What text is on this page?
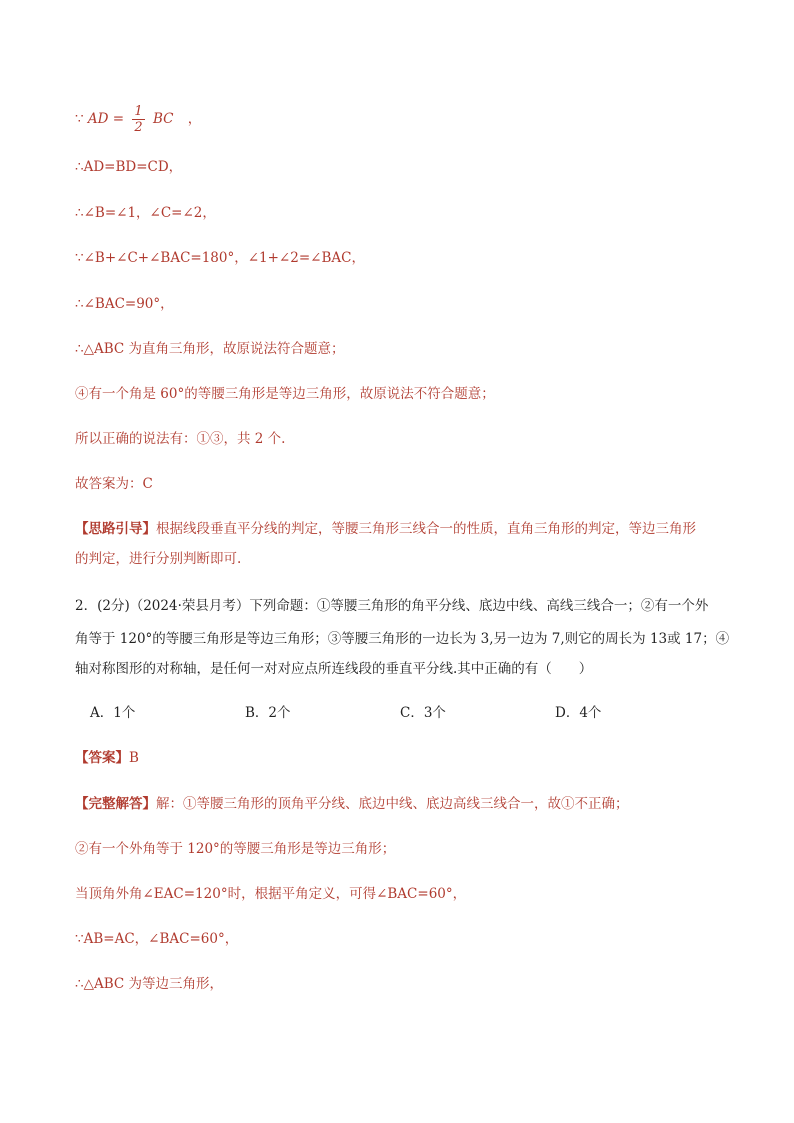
∵ AD = $\frac{1}{2}$ BC ，
∴AD=BD=CD，
∴∠B=∠1，∠C=∠2，
∵∠B+∠C+∠BAC=180°，∠1+∠2=∠BAC，
∴∠BAC=90°，
∴△ABC 为直角三角形，故原说法符合题意；
④有一个角是 60°的等腰三角形是等边三角形，故原说法不符合题意；
所以正确的说法有：①③，共 2 个.
故答案为：C
【思路引导】根据线段垂直平分线的判定，等腰三角形三线合一的性质，直角三角形的判定，等边三角形
的判定，进行分别判断即可.
2．(2分)（2024·荣县月考）下列命题：①等腰三角形的角平分线、底边中线、高线三线合一；②有一个外
角等于 120°的等腰三角形是等边三角形；③等腰三角形的一边长为 3,另一边为 7,则它的周长为 13或 17；④
轴对称图形的对称轴，是任何一对对应点所连线段的垂直平分线.其中正确的有（　　）
A．1个	B．2个	C．3个	D．4个
【答案】B
【完整解答】解：①等腰三角形的顶角平分线、底边中线、底边高线三线合一，故①不正确；
②有一个外角等于 120°的等腰三角形是等边三角形；
当顶角外角∠EAC=120°时，根据平角定义，可得∠BAC=60°，
∵AB=AC，∠BAC=60°，
∴△ABC 为等边三角形，
